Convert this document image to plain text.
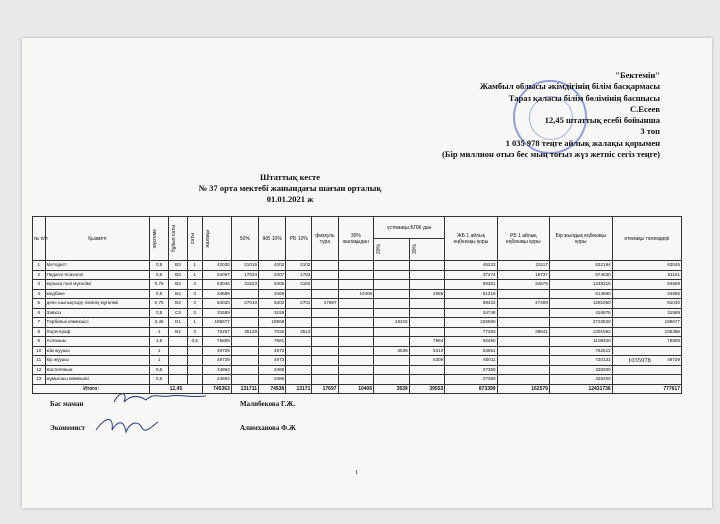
"Бектемін"
Жамбыл облысы әкімдігінің білім басқармасы
Тараз қаласы білім бөлімінің басшысы
С.Есеев
12,45 штаттық есебі бойынша
3 топ
1 035 978 теңге айлық жалақы қорымен
(Бір миллион отыз бес мың тоғыз жүз жетпіс сегіз теңге)
Штаттық кесте
№ 37 орта мектебі жанындағы шағын орталық
01.01.2021 ж
№ п/п	Қызметі	жүктеме	бұйыл саты	саты	жалақы	50%	ЖБ 10%	РБ 10%	физкуль тура	30% жалақыдан	үстемақы БЛЖ дан		ЖБ 1 айлық еңбекақы қоры	РБ 1 айлық еңбекақы қоры	Бір жылдық еңбекақы қоры	өтемақы төлемдері

											20%	30%				

1	Методист	0,5	В3	1	42030	21015	4203	2102					46233	23117	832194	63045
2	Педагог-психолог	0,5	В3	1	34067	17034	3407	1703					37474	18737	674530	51101
3	музыка пәні мұғалімі	0,75	В3	4	63046	31523	6305	3152					69351	34675	1248316	94569
4	медбике	0,5	В4	3	34686		3469			10406		2655	51216		614590	34686
5	дене шынықтыру пәнінің мұғалімі	0,75	В3	3	54020	27010	5402	2701	17697				59422	47408	1281960	81030
6	Завхоз	0,5	С3	3	31589		3159						34748		416976	31589
7	Тәрбиеші көмекшісі	3,45	D1	1	189677		18968				18315		226960		2723520	189677
8	Хореограф	1	В4	3	70257	35129	7026	3513					77283	38641	1391092	105386
9	Аспазшы	1,5		3,5	76805		7681					7964	92450		1109400	76805
10	кiiм жуушы	1			49729		4973				3539	5310	63551		762612	
11	Кiр жуушы	1			49729		4973					5309	60011		720132	49729
12	Кастелянша	0,5			24864		2486						27350		328200	
13	жұмысшы көмекшісі	0,5			24864		2486						27350		328200	
Итого:		12,45			745363	131711	74538	13171	17697	10406	3539	39553	873399	162579	12431736	777617
1035978
Бас маман	Малибекова Г.Ж.
Экономист	Алимханова Ф.Ж
1
